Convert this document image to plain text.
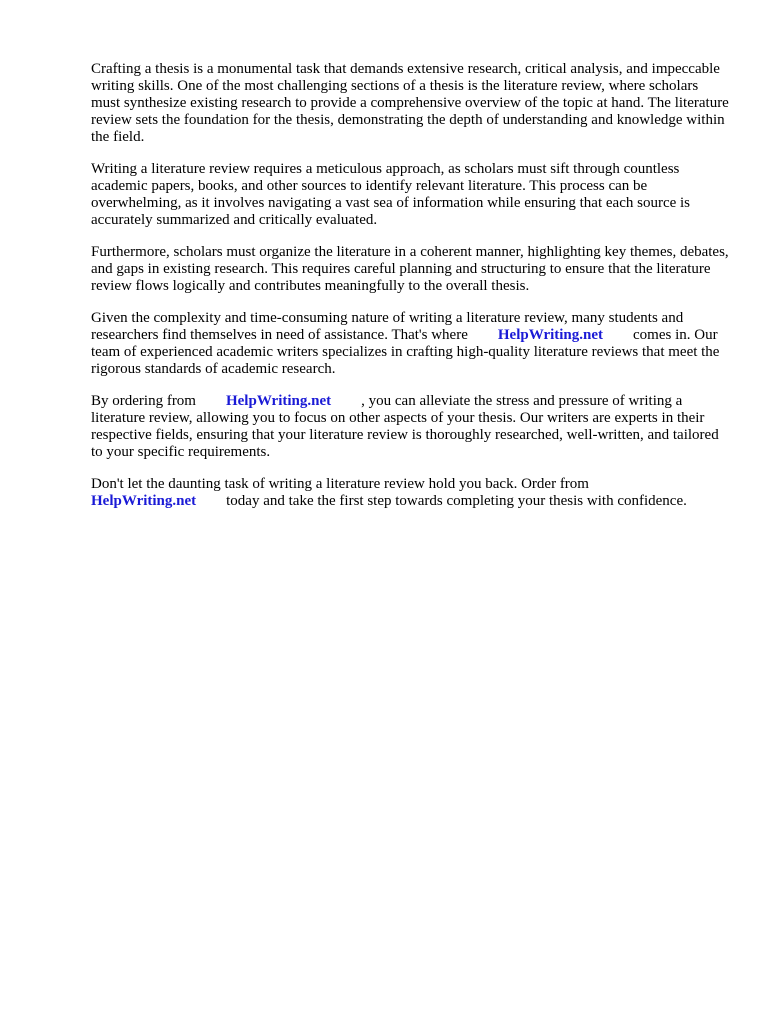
Crafting a thesis is a monumental task that demands extensive research, critical analysis, and impeccable writing skills. One of the most challenging sections of a thesis is the literature review, where scholars must synthesize existing research to provide a comprehensive overview of the topic at hand. The literature review sets the foundation for the thesis, demonstrating the depth of understanding and knowledge within the field.

Writing a literature review requires a meticulous approach, as scholars must sift through countless academic papers, books, and other sources to identify relevant literature. This process can be overwhelming, as it involves navigating a vast sea of information while ensuring that each source is accurately summarized and critically evaluated.

Furthermore, scholars must organize the literature in a coherent manner, highlighting key themes, debates, and gaps in existing research. This requires careful planning and structuring to ensure that the literature review flows logically and contributes meaningfully to the overall thesis.

Given the complexity and time-consuming nature of writing a literature review, many students and researchers find themselves in need of assistance. That's where HelpWriting.net comes in. Our team of experienced academic writers specializes in crafting high-quality literature reviews that meet the rigorous standards of academic research.

By ordering from HelpWriting.net , you can alleviate the stress and pressure of writing a literature review, allowing you to focus on other aspects of your thesis. Our writers are experts in their respective fields, ensuring that your literature review is thoroughly researched, well-written, and tailored to your specific requirements.

Don't let the daunting task of writing a literature review hold you back. Order from HelpWriting.net today and take the first step towards completing your thesis with confidence.
